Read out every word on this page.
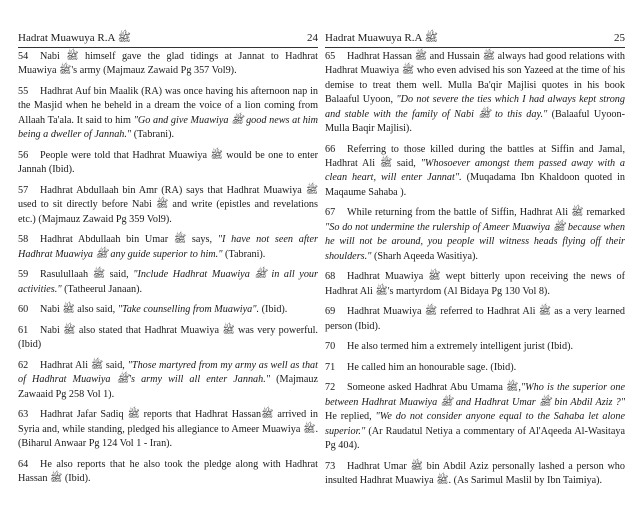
Hadrat Muawuya R.A ﷺ	24

54 Nabi ﷺ himself gave the glad tidings at Jannat to Hadhrat Muawiya ﷺ's army (Majmauz Zawaid Pg 357 Vol9).

55 Hadhrat Auf bin Maalik (RA) was once having his afternoon nap in the Masjid when he beheld in a dream the voice of a lion coming from Allaah Ta'ala. It said to him "Go and give Muawiya ﷺ good news at him being a dweller of Jannah." (Tabrani).

56 People were told that Hadhrat Muawiya ﷺ would be one to enter Jannah (Ibid).

57 Hadhrat Abdullaah bin Amr (RA) says that Hadhrat Muawiya ﷺ used to sit directly before Nabi ﷺ and write (epistles and revelations etc.) (Majmauz Zawaid Pg 359 Vol9).

58 Hadhrat Abdullaah bin Umar ﷺ says, "I have not seen after Hadhrat Muawiya ﷺ any guide superior to him." (Tabrani).

59 Rasulullaah ﷺ said, "Include Hadhrat Muawiya ﷺ in all your activities." (Tatheerul Janaan).

60 Nabi ﷺ also said, "Take counselling from Muawiya". (Ibid).

61 Nabi ﷺ also stated that Hadhrat Muawiya ﷺ was very powerful. (Ibid)

62 Hadhrat Ali ﷺ said, "Those martyred from my army as well as that of Hadhrat Muawiya ﷺ's army will all enter Jannah." (Majmauz Zawaaid Pg 258 Vol 1).

63 Hadhrat Jafar Sadiq ﷺ reports that Hadhrat Hassanﷺ arrived in Syria and, while standing, pledged his allegiance to Ameer Muawiya ﷺ. (Biharul Anwaar Pg 124 Vol 1 - Iran).

64 He also reports that he also took the pledge along with Hadhrat Hassan ﷺ (Ibid).

Hadrat Muawuya R.A ﷺ	25

65 Hadhrat Hassan ﷺ and Hussain ﷺ always had good relations with Hadhrat Muawiya ﷺ who even advised his son Yazeed at the time of his demise to treat them well. Mulla Ba'qir Majlisi quotes in his book Balaaful Uyoon, "Do not severe the ties which I had always kept strong and stable with the family of Nabi ﷺ to this day." (Balaaful Uyoon-Mulla Baqir Majlisi).

66 Referring to those killed during the battles at Siffin and Jamal, Hadhrat Ali ﷺ said, "Whosoever amongst them passed away with a clean heart, will enter Jannat". (Muqadama Ibn Khaldoon quoted in Maqaume Sahaba ).

67 While returning from the battle of Siffin, Hadhrat Ali ﷺ remarked "So do not undermine the rulership of Ameer Muawiya ﷺ because when he will not be around, you people will witness heads flying off their shoulders." (Sharh Aqeeda Wasitiya).

68 Hadhrat Muawiya ﷺ wept bitterly upon receiving the news of Hadhrat Ali ﷺ's martyrdom (Al Bidaya Pg 130 Vol 8).

69 Hadhrat Muawiya ﷺ referred to Hadhrat Ali ﷺ as a very learned person (Ibid).

70 He also termed him a extremely intelligent jurist (Ibid).

71 He called him an honourable sage. (Ibid).

72 Someone asked Hadhrat Abu Umama ﷺ,"Who is the superior one between Hadhrat Muawiya ﷺ and Hadhrat Umar ﷺ bin Abdil Aziz ?" He replied, "We do not consider anyone equal to the Sahaba let alone superior." (Ar Raudatul Netiya a commentary of Al'Aqeeda Al-Wasitaya Pg 404).

73 Hadhrat Umar ﷺ bin Abdil Aziz personally lashed a person who insulted Hadhrat Muawiya ﷺ. (As Sarimul Maslil by Ibn Taimiya).
